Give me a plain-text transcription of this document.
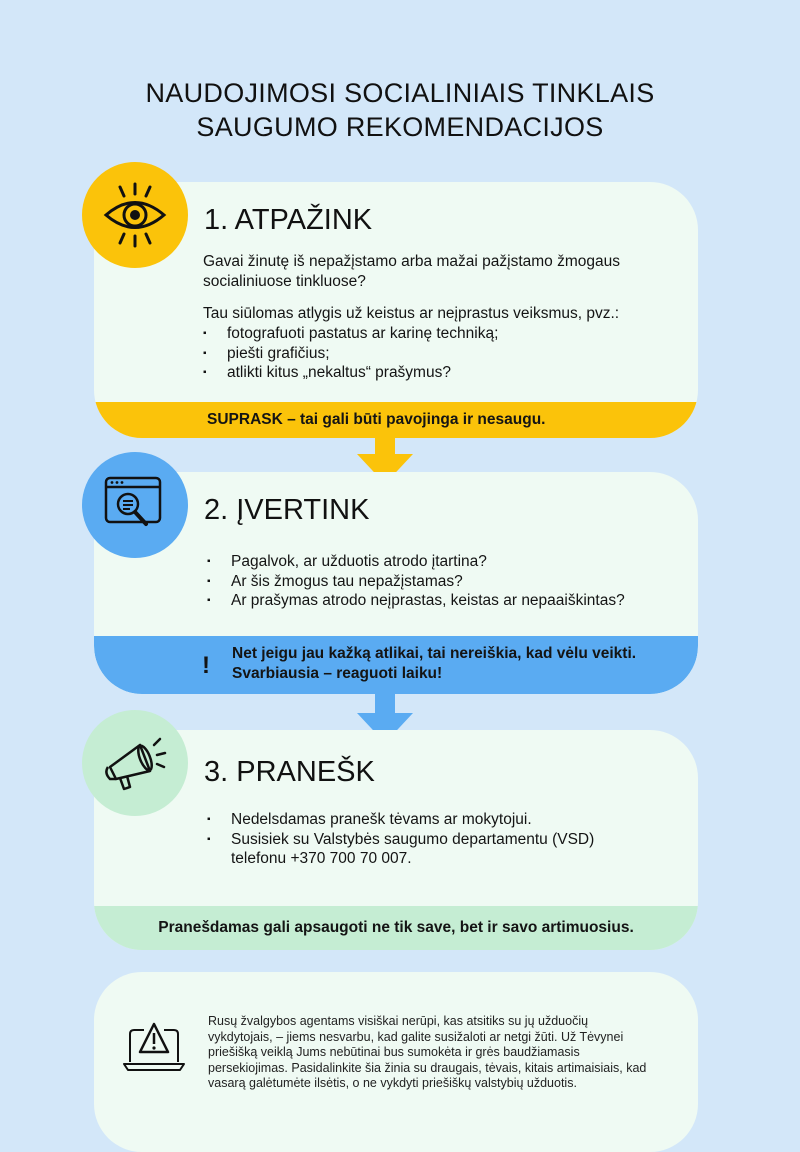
NAUDOJIMOSI SOCIALINIAIS TINKLAIS
SAUGUMO REKOMENDACIJOS
1. ATPAŽINK
Gavai žinutę iš nepažįstamo arba mažai pažįstamo žmogaus socialiniuose tinkluose?
Tau siūlomas atlygis už keistus ar neįprastus veiksmus, pvz.:
▪ fotografuoti pastatus ar karinę techniką;
▪ piešti grafičius;
▪ atlikti kitus „nekaltus“ prašymus?
SUPRASK – tai gali būti pavojinga ir nesaugu.
2. ĮVERTINK
▪ Pagalvok, ar užduotis atrodo įtartina?
▪ Ar šis žmogus tau nepažįstamas?
▪ Ar prašymas atrodo neįprastas, keistas ar nepaaiškintas?
! Net jeigu jau kažką atlikai, tai nereiškia, kad vėlu veikti.
Svarbiausia – reaguoti laiku!
3. PRANEŠK
▪ Nedelsdamas pranešk tėvams ar mokytojui.
▪ Susisiek su Valstybės saugumo departamentu (VSD) telefonu +370 700 70 007.
Pranešdamas gali apsaugoti ne tik save, bet ir savo artimuosius.
Rusų žvalgybos agentams visiškai nerūpi, kas atsitiks su jų užduočių vykdytojais, – jiems nesvarbu, kad galite susižaloti ar netgi žūti. Už Tėvynei priešišką veiklą Jums nebūtinai bus sumokėta ir grės baudžiamasis persekiojimas. Pasidalinkite šia žinia su draugais, tėvais, kitais artimaisiais, kad vasarą galėtumėte ilsėtis, o ne vykdyti priešiškų valstybių užduotis.
